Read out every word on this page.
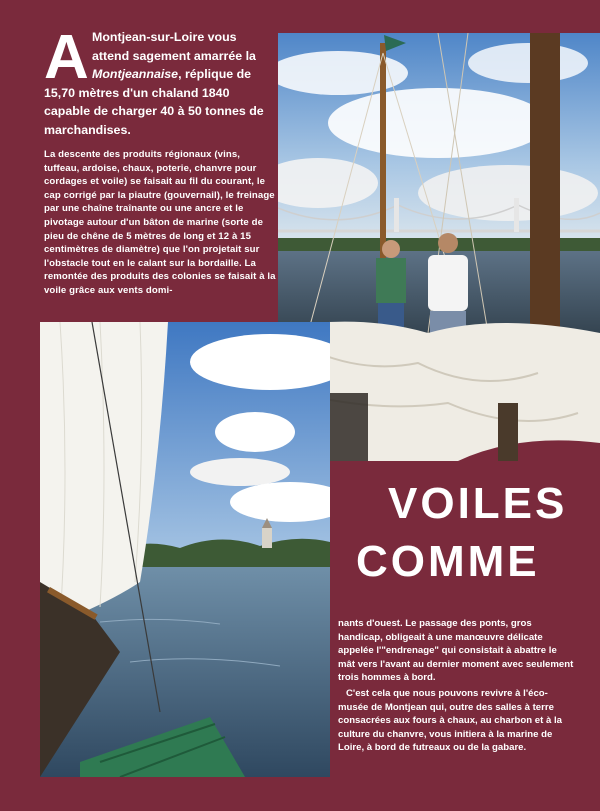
A Montjean-sur-Loire vous attend sagement amarrée la Montjeannaise, réplique de 15,70 mètres d'un chaland 1840 capable de charger 40 à 50 tonnes de marchandises.
La descente des produits régionaux (vins, tuffeau, ardoise, chaux, poterie, chanvre pour cordages et voile) se faisait au fil du courant, le cap corrigé par la piautre (gouvernail), le freinage par une chaîne traînante ou une ancre et le pivotage autour d'un bâton de marine (sorte de pieu de chêne de 5 mètres de long et 12 à 15 centimètres de diamètre) que l'on projetait sur l'obstacle tout en le calant sur la bordaille. La remontée des produits des colonies se faisait à la voile grâce aux vents domi-
VOILES
COMME

nants d'ouest. Le passage des ponts, gros handicap, obligeait à une manœuvre délicate appelée l'"endrenage" qui consistait à abattre le mât vers l'avant au dernier moment avec seulement trois hommes à bord.

C'est cela que nous pouvons revivre à l'éco-musée de Montjean qui, outre des salles à terre consacrées aux fours à chaux, au charbon et à la culture du chanvre, vous initiera à la marine de Loire, à bord de futreaux ou de la gabare.
